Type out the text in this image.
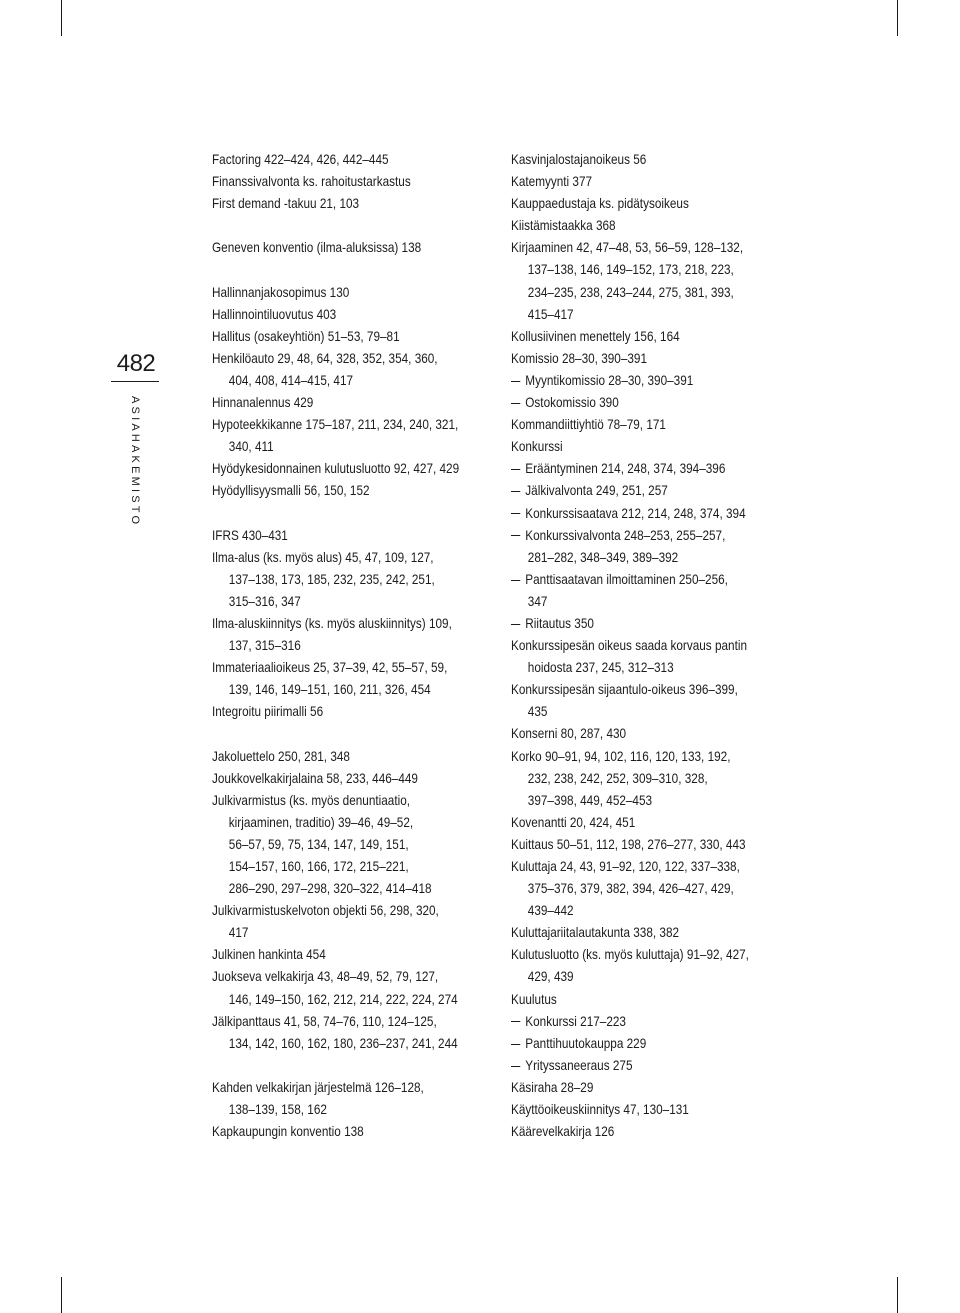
482
ASIAHAKEMISTO
Factoring 422–424, 426, 442–445
Finanssivalvonta ks. rahoitustarkastus
First demand -takuu 21, 103
Geneven konventio (ilma-aluksissa) 138
Hallinnanjakosopimus 130
Hallinnointiluovutus 403
Hallitus (osakeyhtiön) 51–53, 79–81
Henkilöauto 29, 48, 64, 328, 352, 354, 360,
404, 408, 414–415, 417
Hinnanalennus 429
Hypoteekkikanne 175–187, 211, 234, 240, 321,
340, 411
Hyödykesidonnainen kulutusluotto 92, 427, 429
Hyödyllisyysmalli 56, 150, 152
IFRS 430–431
Ilma-alus (ks. myös alus) 45, 47, 109, 127,
137–138, 173, 185, 232, 235, 242, 251,
315–316, 347
Ilma-aluskiinnitys (ks. myös aluskiinnitys) 109,
137, 315–316
Immateriaalioikeus 25, 37–39, 42, 55–57, 59,
139, 146, 149–151, 160, 211, 326, 454
Integroitu piirimalli 56
Jakoluettelo 250, 281, 348
Joukkovelkakirjalaina 58, 233, 446–449
Julkivarmistus (ks. myös denuntiaatio,
kirjaaminen, traditio) 39–46, 49–52,
56–57, 59, 75, 134, 147, 149, 151,
154–157, 160, 166, 172, 215–221,
286–290, 297–298, 320–322, 414–418
Julkivarmistuskelvoton objekti 56, 298, 320,
417
Julkinen hankinta 454
Juokseva velkakirja 43, 48–49, 52, 79, 127,
146, 149–150, 162, 212, 214, 222, 224, 274
Jälkipanttaus 41, 58, 74–76, 110, 124–125,
134, 142, 160, 162, 180, 236–237, 241, 244
Kahden velkakirjan järjestelmä 126–128,
138–139, 158, 162
Kapkaupungin konventio 138
Kasvinjalostajanoikeus 56
Katemyynti 377
Kauppaedustaja ks. pidätysoikeus
Kiistämistaakka 368
Kirjaaminen 42, 47–48, 53, 56–59, 128–132,
137–138, 146, 149–152, 173, 218, 223,
234–235, 238, 243–244, 275, 381, 393,
415–417
Kollusiivinen menettely 156, 164
Komissio 28–30, 390–391
Myyntikomissio 28–30, 390–391
Ostokomissio 390
Kommandiittiyhtiö 78–79, 171
Konkurssi
Erääntyminen 214, 248, 374, 394–396
Jälkivalvonta 249, 251, 257
Konkurssisaatava 212, 214, 248, 374, 394
Konkurssivalvonta 248–253, 255–257,
281–282, 348–349, 389–392
Panttisaatavan ilmoittaminen 250–256,
347
Riitautus 350
Konkurssipesän oikeus saada korvaus pantin
hoidosta 237, 245, 312–313
Konkurssipesän sijaantulo-oikeus 396–399,
435
Konserni 80, 287, 430
Korko 90–91, 94, 102, 116, 120, 133, 192,
232, 238, 242, 252, 309–310, 328,
397–398, 449, 452–453
Kovenantti 20, 424, 451
Kuittaus 50–51, 112, 198, 276–277, 330, 443
Kuluttaja 24, 43, 91–92, 120, 122, 337–338,
375–376, 379, 382, 394, 426–427, 429,
439–442
Kuluttajariitalautakunta 338, 382
Kulutusluotto (ks. myös kuluttaja) 91–92, 427,
429, 439
Kuulutus
Konkurssi 217–223
Panttihuutokauppa 229
Yrityssaneeraus 275
Käsiraha 28–29
Käyttöoikeuskiinnitys 47, 130–131
Käärevelkakirja 126
